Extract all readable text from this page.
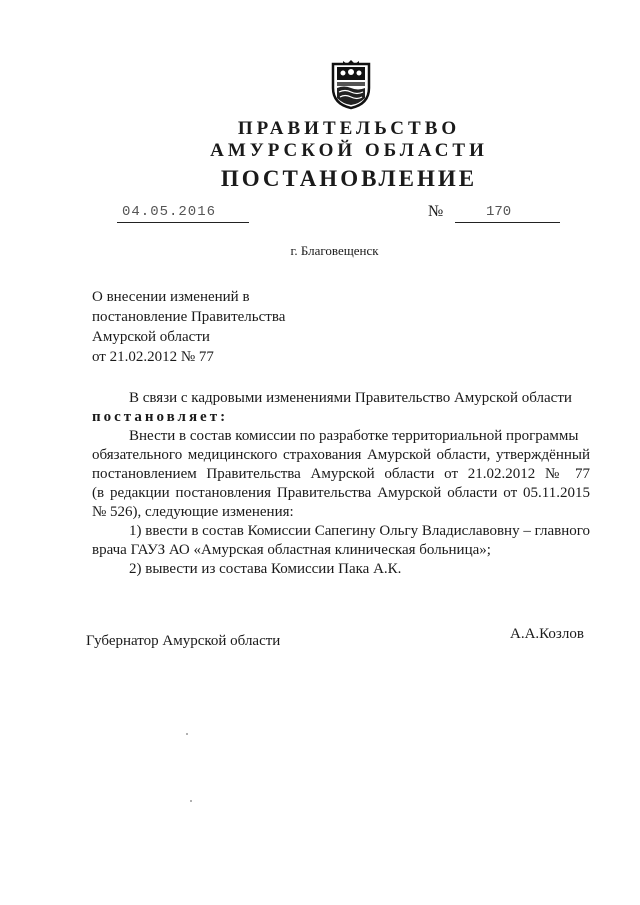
ПРАВИТЕЛЬСТВО
АМУРСКОЙ ОБЛАСТИ
ПОСТАНОВЛЕНИЕ
04.05.2016	№	170
г. Благовещенск
О внесении изменений в
постановление Правительства
Амурской области
от 21.02.2012 № 77
В связи с кадровыми изменениями Правительство Амурской области
постановляет:
Внести в состав комиссии по разработке территориальной программы
обязательного медицинского страхования Амурской области, утверждённый
постановлением Правительства Амурской области от 21.02.2012 № 77
(в редакции постановления Правительства Амурской области от 05.11.2015
№ 526), следующие изменения:
1) ввести в состав Комиссии Сапегину Ольгу Владиславовну – главного
врача ГАУЗ АО «Амурская областная клиническая больница»;
2) вывести из состава Комиссии Пака А.К.
Губернатор Амурской области	А.А.Козлов
